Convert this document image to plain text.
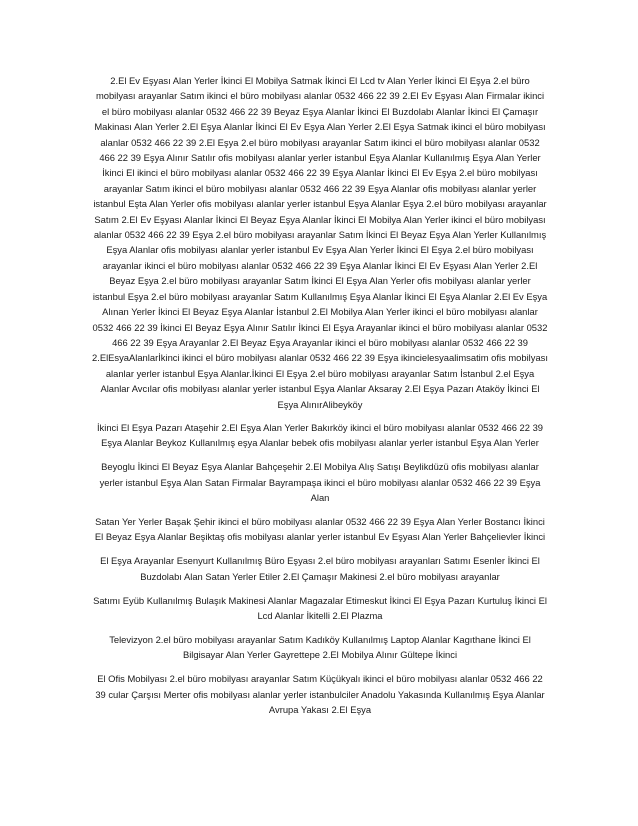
2.El Ev Eşyası Alan Yerler İkinci El Mobilya Satmak İkinci El Lcd tv Alan Yerler İkinci El Eşya 2.el büro mobilyası arayanlar Satım ikinci el büro mobilyası alanlar 0532 466 22 39 2.El Ev Eşyası Alan Firmalar ikinci el büro mobilyası alanlar 0532 466 22 39 Beyaz Eşya Alanlar İkinci El Buzdolabı Alanlar İkinci El Çamaşır Makinası Alan Yerler 2.El Eşya Alanlar İkinci El Ev Eşya Alan Yerler 2.El Eşya Satmak ikinci el büro mobilyası alanlar 0532 466 22 39 2.El Eşya 2.el büro mobilyası arayanlar Satım ikinci el büro mobilyası alanlar 0532 466 22 39 Eşya Alınır Satılır ofis mobilyası alanlar yerler istanbul Eşya Alanlar Kullanılmış Eşya Alan Yerler İkinci El ikinci el büro mobilyası alanlar 0532 466 22 39 Eşya Alanlar İkinci El Ev Eşya 2.el büro mobilyası arayanlar Satım ikinci el büro mobilyası alanlar 0532 466 22 39 Eşya Alanlar ofis mobilyası alanlar yerler istanbul Eşta Alan Yerler ofis mobilyası alanlar yerler istanbul Eşya Alanlar Eşya 2.el büro mobilyası arayanlar Satım 2.El Ev Eşyası Alanlar İkinci El Beyaz Eşya Alanlar İkinci El Mobilya Alan Yerler ikinci el büro mobilyası alanlar 0532 466 22 39 Eşya 2.el büro mobilyası arayanlar Satım İkinci El Beyaz Eşya Alan Yerler Kullanılmış Eşya Alanlar ofis mobilyası alanlar yerler istanbul Ev Eşya Alan Yerler İkinci El Eşya 2.el büro mobilyası arayanlar ikinci el büro mobilyası alanlar 0532 466 22 39 Eşya Alanlar İkinci El Ev Eşyası Alan Yerler 2.El Beyaz Eşya 2.el büro mobilyası arayanlar Satım İkinci El Eşya Alan Yerler ofis mobilyası alanlar yerler istanbul Eşya 2.el büro mobilyası arayanlar Satım Kullanılmış Eşya Alanlar İkinci El Eşya Alanlar 2.El Ev Eşya Alınan Yerler İkinci El Beyaz Eşya Alanlar İstanbul 2.El Mobilya Alan Yerler ikinci el büro mobilyası alanlar 0532 466 22 39 İkinci El Beyaz Eşya Alınır Satılır İkinci El Eşya Arayanlar ikinci el büro mobilyası alanlar 0532 466 22 39 Eşya Arayanlar 2.El Beyaz Eşya Arayanlar ikinci el büro mobilyası alanlar 0532 466 22 39 2.ElEsyaAlanlarİkinci ikinci el büro mobilyası alanlar 0532 466 22 39 Eşya ikincielesyaalimsatim ofis mobilyası alanlar yerler istanbul Eşya Alanlar.İkinci El Eşya 2.el büro mobilyası arayanlar Satım İstanbul 2.el Eşya Alanlar Avcılar ofis mobilyası alanlar yerler istanbul Eşya Alanlar Aksaray 2.El Eşya Pazarı Ataköy İkinci El Eşya AlınırAlibeyköy

İkinci El Eşya Pazarı Ataşehir 2.El Eşya Alan Yerler Bakırköy ikinci el büro mobilyası alanlar 0532 466 22 39 Eşya Alanlar Beykoz Kullanılmış eşya Alanlar bebek ofis mobilyası alanlar yerler istanbul Eşya Alan Yerler

Beyoglu İkinci El Beyaz Eşya Alanlar Bahçeşehir 2.El Mobilya Alış Satışı Beylikdüzü ofis mobilyası alanlar yerler istanbul Eşya Alan Satan Firmalar Bayrampaşa ikinci el büro mobilyası alanlar 0532 466 22 39 Eşya Alan

Satan Yer Yerler Başak Şehir ikinci el büro mobilyası alanlar 0532 466 22 39 Eşya Alan Yerler Bostancı İkinci El Beyaz Eşya Alanlar Beşiktaş ofis mobilyası alanlar yerler istanbul Ev Eşyası Alan Yerler Bahçelievler İkinci

El Eşya Arayanlar Esenyurt Kullanılmış Büro Eşyası 2.el büro mobilyası arayanları Satımı Esenler İkinci El Buzdolabı Alan Satan Yerler Etiler 2.El Çamaşır Makinesi 2.el büro mobilyası arayanlar

Satımı Eyüb Kullanılmış Bulaşık Makinesi Alanlar Magazalar Etimeskut İkinci El Eşya Pazarı Kurtuluş İkinci El Lcd Alanlar İkitelli 2.El Plazma

Televizyon 2.el büro mobilyası arayanlar Satım Kadıköy Kullanılmış Laptop Alanlar Kagıthane İkinci El Bilgisayar Alan Yerler Gayrettepe 2.El Mobilya Alınır Gültepe İkinci

El Ofis Mobilyası 2.el büro mobilyası arayanlar Satım Küçükyalı ikinci el büro mobilyası alanlar 0532 466 22 39 cular Çarşısı Merter ofis mobilyası alanlar yerler istanbulciler Anadolu Yakasında Kullanılmış Eşya Alanlar Avrupa Yakası 2.El Eşya
